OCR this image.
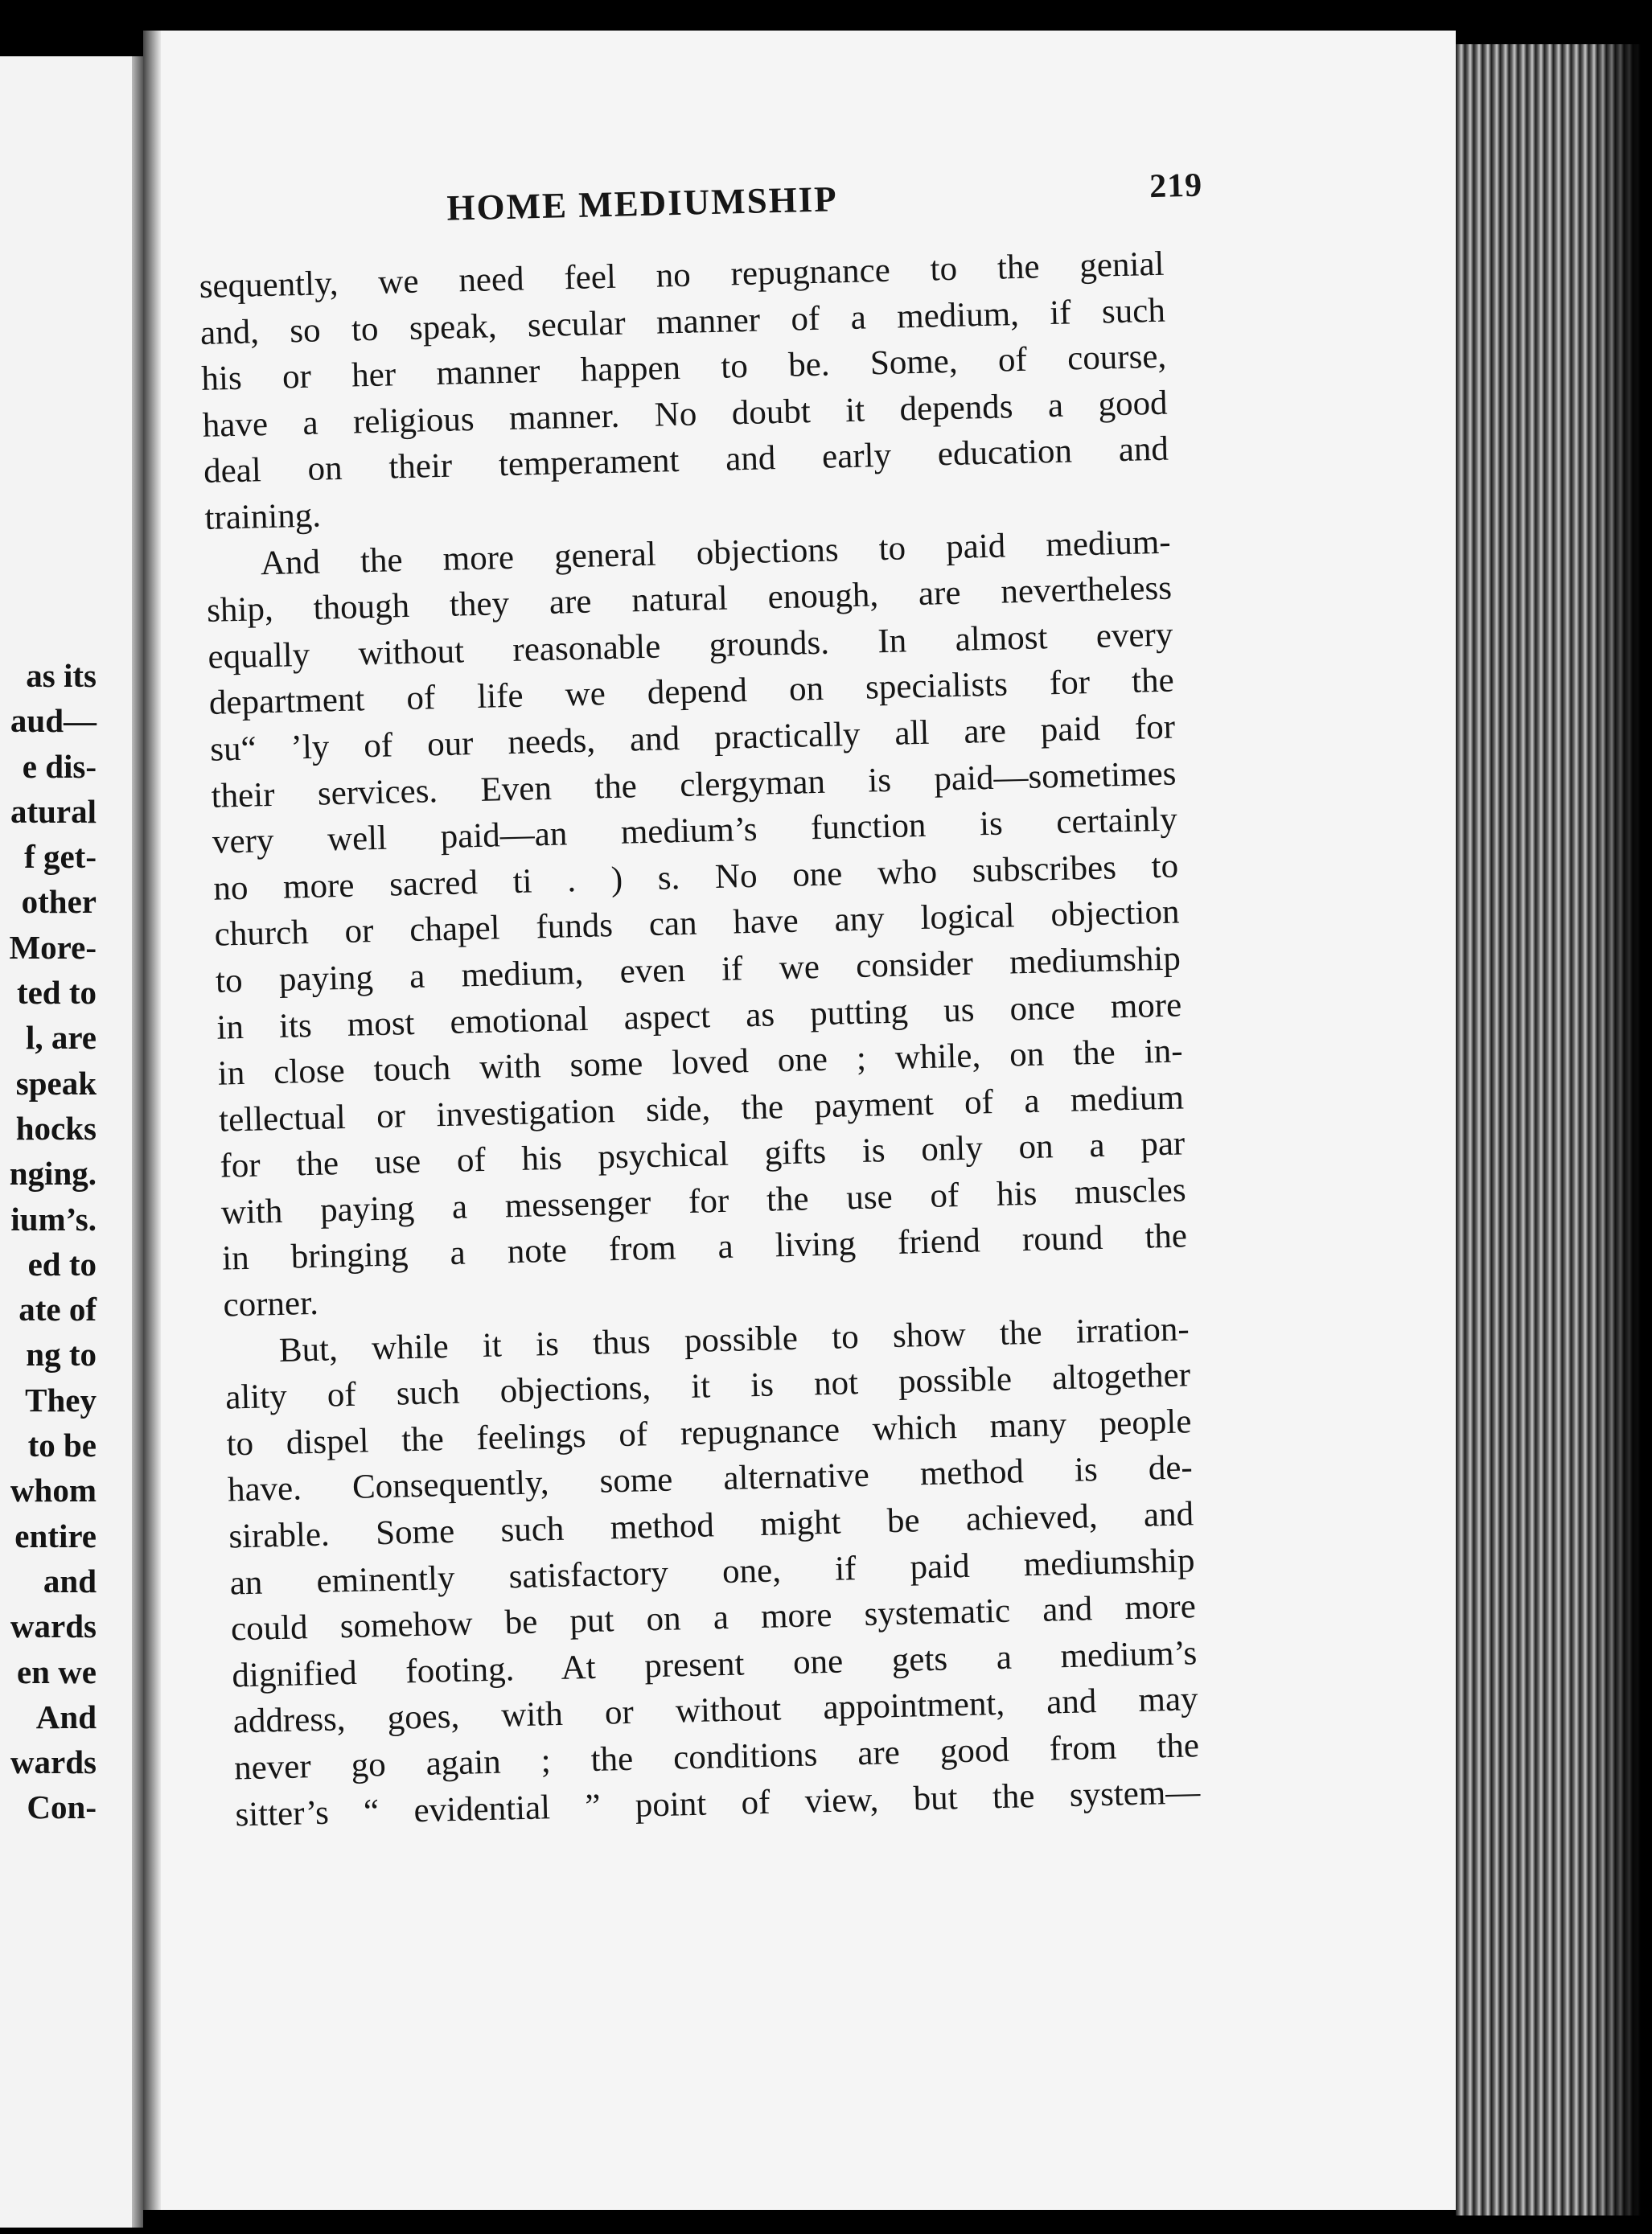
as its
aud—
e dis-
atural
f get-
other
More-
ted to
l, are
speak
hocks
nging.
ium’s.
ed to
ate of
ng to
They
to be
whom
entire
and
wards
en we
And
wards
Con-
HOME MEDIUMSHIP	219
sequently, we need feel no repugnance to the genial
and, so to speak, secular manner of a medium, if such
his or her manner happen to be. Some, of course,
have a religious manner. No doubt it depends a good
deal on their temperament and early education and
training.
And the more general objections to paid medium-
ship, though they are natural enough, are nevertheless
equally without reasonable grounds. In almost every
department of life we depend on specialists for the
su“ ’ly of our needs, and practically all are paid for
their services. Even the clergyman is paid—sometimes
very well paid—an medium’s function is certainly
no more sacred ti . ) s. No one who subscribes to
church or chapel funds can have any logical objection
to paying a medium, even if we consider mediumship
in its most emotional aspect as putting us once more
in close touch with some loved one ; while, on the in-
tellectual or investigation side, the payment of a medium
for the use of his psychical gifts is only on a par
with paying a messenger for the use of his muscles
in bringing a note from a living friend round the
corner.
But, while it is thus possible to show the irration-
ality of such objections, it is not possible altogether
to dispel the feelings of repugnance which many people
have. Consequently, some alternative method is de-
sirable. Some such method might be achieved, and
an eminently satisfactory one, if paid mediumship
could somehow be put on a more systematic and more
dignified footing. At present one gets a medium’s
address, goes, with or without appointment, and may
never go again ; the conditions are good from the
sitter’s “ evidential ” point of view, but the system—
